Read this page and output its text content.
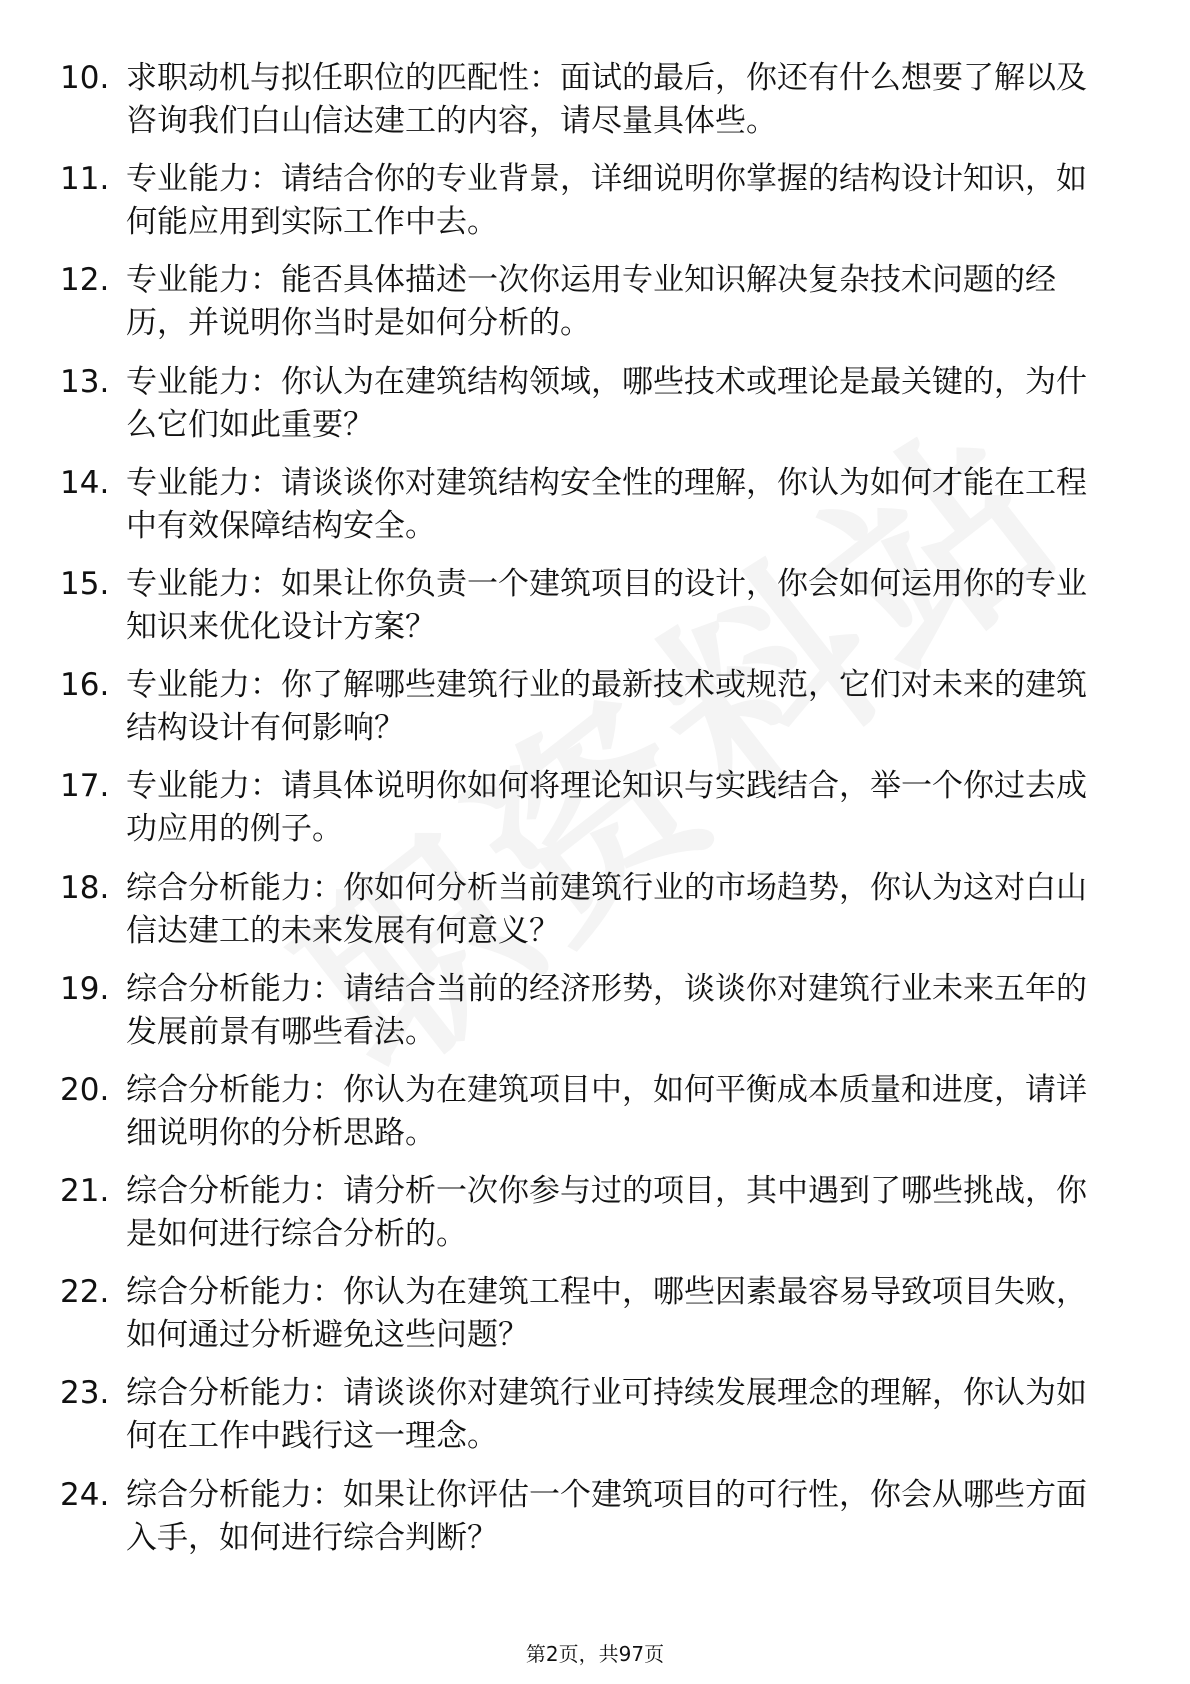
10. 求职动机与拟任职位的匹配性：面试的最后，你还有什么想要了解以及咨询我们白山信达建工的内容，请尽量具体些。
11. 专业能力：请结合你的专业背景，详细说明你掌握的结构设计知识，如何能应用到实际工作中去。
12. 专业能力：能否具体描述一次你运用专业知识解决复杂技术问题的经历，并说明你当时是如何分析的。
13. 专业能力：你认为在建筑结构领域，哪些技术或理论是最关键的，为什么它们如此重要？
14. 专业能力：请谈谈你对建筑结构安全性的理解，你认为如何才能在工程中有效保障结构安全。
15. 专业能力：如果让你负责一个建筑项目的设计，你会如何运用你的专业知识来优化设计方案？
16. 专业能力：你了解哪些建筑行业的最新技术或规范，它们对未来的建筑结构设计有何影响？
17. 专业能力：请具体说明你如何将理论知识与实践结合，举一个你过去成功应用的例子。
18. 综合分析能力：你如何分析当前建筑行业的市场趋势，你认为这对白山信达建工的未来发展有何意义？
19. 综合分析能力：请结合当前的经济形势，谈谈你对建筑行业未来五年的发展前景有哪些看法。
20. 综合分析能力：你认为在建筑项目中，如何平衡成本质量和进度，请详细说明你的分析思路。
21. 综合分析能力：请分析一次你参与过的项目，其中遇到了哪些挑战，你是如何进行综合分析的。
22. 综合分析能力：你认为在建筑工程中，哪些因素最容易导致项目失败，如何通过分析避免这些问题？
23. 综合分析能力：请谈谈你对建筑行业可持续发展理念的理解，你认为如何在工作中践行这一理念。
24. 综合分析能力：如果让你评估一个建筑项目的可行性，你会从哪些方面入手，如何进行综合判断？
第2页，共97页
